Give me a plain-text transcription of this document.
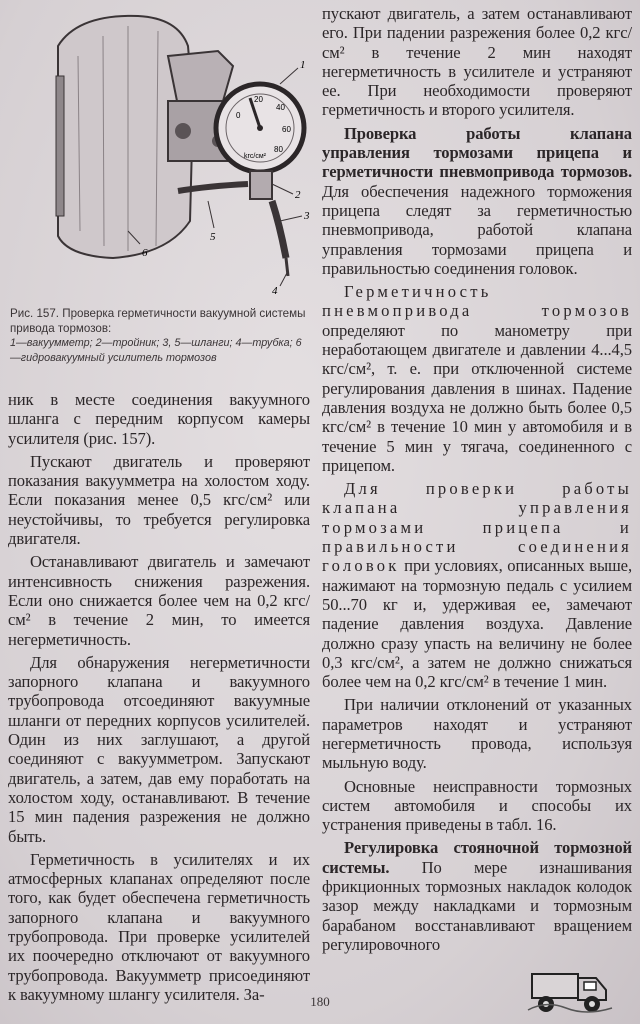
0
20
40
60
80
kгс/см²
1
2
3
4
5
6
Рис. 157. Проверка герметичности вакуумной системы привода тормозов:

1—вакуумметр; 2—тройник; 3, 5—шланги; 4—трубка; 6—гидровакуумный усилитель тормозов

ник в месте соединения вакуумного шланга с передним корпусом камеры усилителя (рис. 157).

Пускают двигатель и проверяют показания вакуумметра на холостом ходу. Если показания менее 0,5 кгс/см² или неустойчивы, то требуется регулировка двигателя.

Останавливают двигатель и замечают интенсивность снижения разрежения. Если оно снижается более чем на 0,2 кгс/см² в течение 2 мин, то имеется негерметичность.

Для обнаружения негерметичности запорного клапана и вакуумного трубопровода отсоединяют вакуумные шланги от передних корпусов усилителей. Один из них заглушают, а другой соединяют с вакуумметром. Запускают двигатель, а затем, дав ему поработать на холостом ходу, останавливают. В течение 15 мин падения разрежения не должно быть.

Герметичность в усилителях и их атмосферных клапанах определяют после того, как будет обеспечена герметичность запорного клапана и вакуумного трубопровода. При проверке усилителей их поочередно отключают от вакуумного трубопровода. Вакуумметр присоединяют к вакуумному шлангу усилителя. За-

пускают двигатель, а затем останавливают его. При падении разрежения более 0,2 кгс/см² в течение 2 мин находят негерметичность в усилителе и устраняют ее. При необходимости проверяют герметичность и второго усилителя.

Проверка работы клапана управления тормозами прицепа и герметичности пневмопривода тормозов. Для обеспечения надежного торможения прицепа следят за герметичностью пневмопривода, работой клапана управления тормозами прицепа и правильностью соединения головок.

Герметичность пневмопривода тормозов определяют по манометру при неработающем двигателе и давлении 4...4,5 кгс/см², т. е. при отключенной системе регулирования давления в шинах. Падение давления воздуха не должно быть более 0,5 кгс/см² в течение 10 мин у автомобиля и в течение 5 мин у тягача, соединенного с прицепом.

Для проверки работы клапана управления тормозами прицепа и правильности соединения головок при условиях, описанных выше, нажимают на тормозную педаль с усилием 50...70 кг и, удерживая ее, замечают падение давления воздуха. Давление должно сразу упасть на величину не более 0,3 кгс/см², а затем не должно снижаться более чем на 0,2 кгс/см² в течение 1 мин.

При наличии отклонений от указанных параметров находят и устраняют негерметичность провода, используя мыльную воду.

Основные неисправности тормозных систем автомобиля и способы их устранения приведены в табл. 16.

Регулировка стояночной тормозной системы. По мере изнашивания фрикционных тормозных накладок колодок зазор между накладками и тормозным барабаном восстанавливают вращением регулировочного

180
